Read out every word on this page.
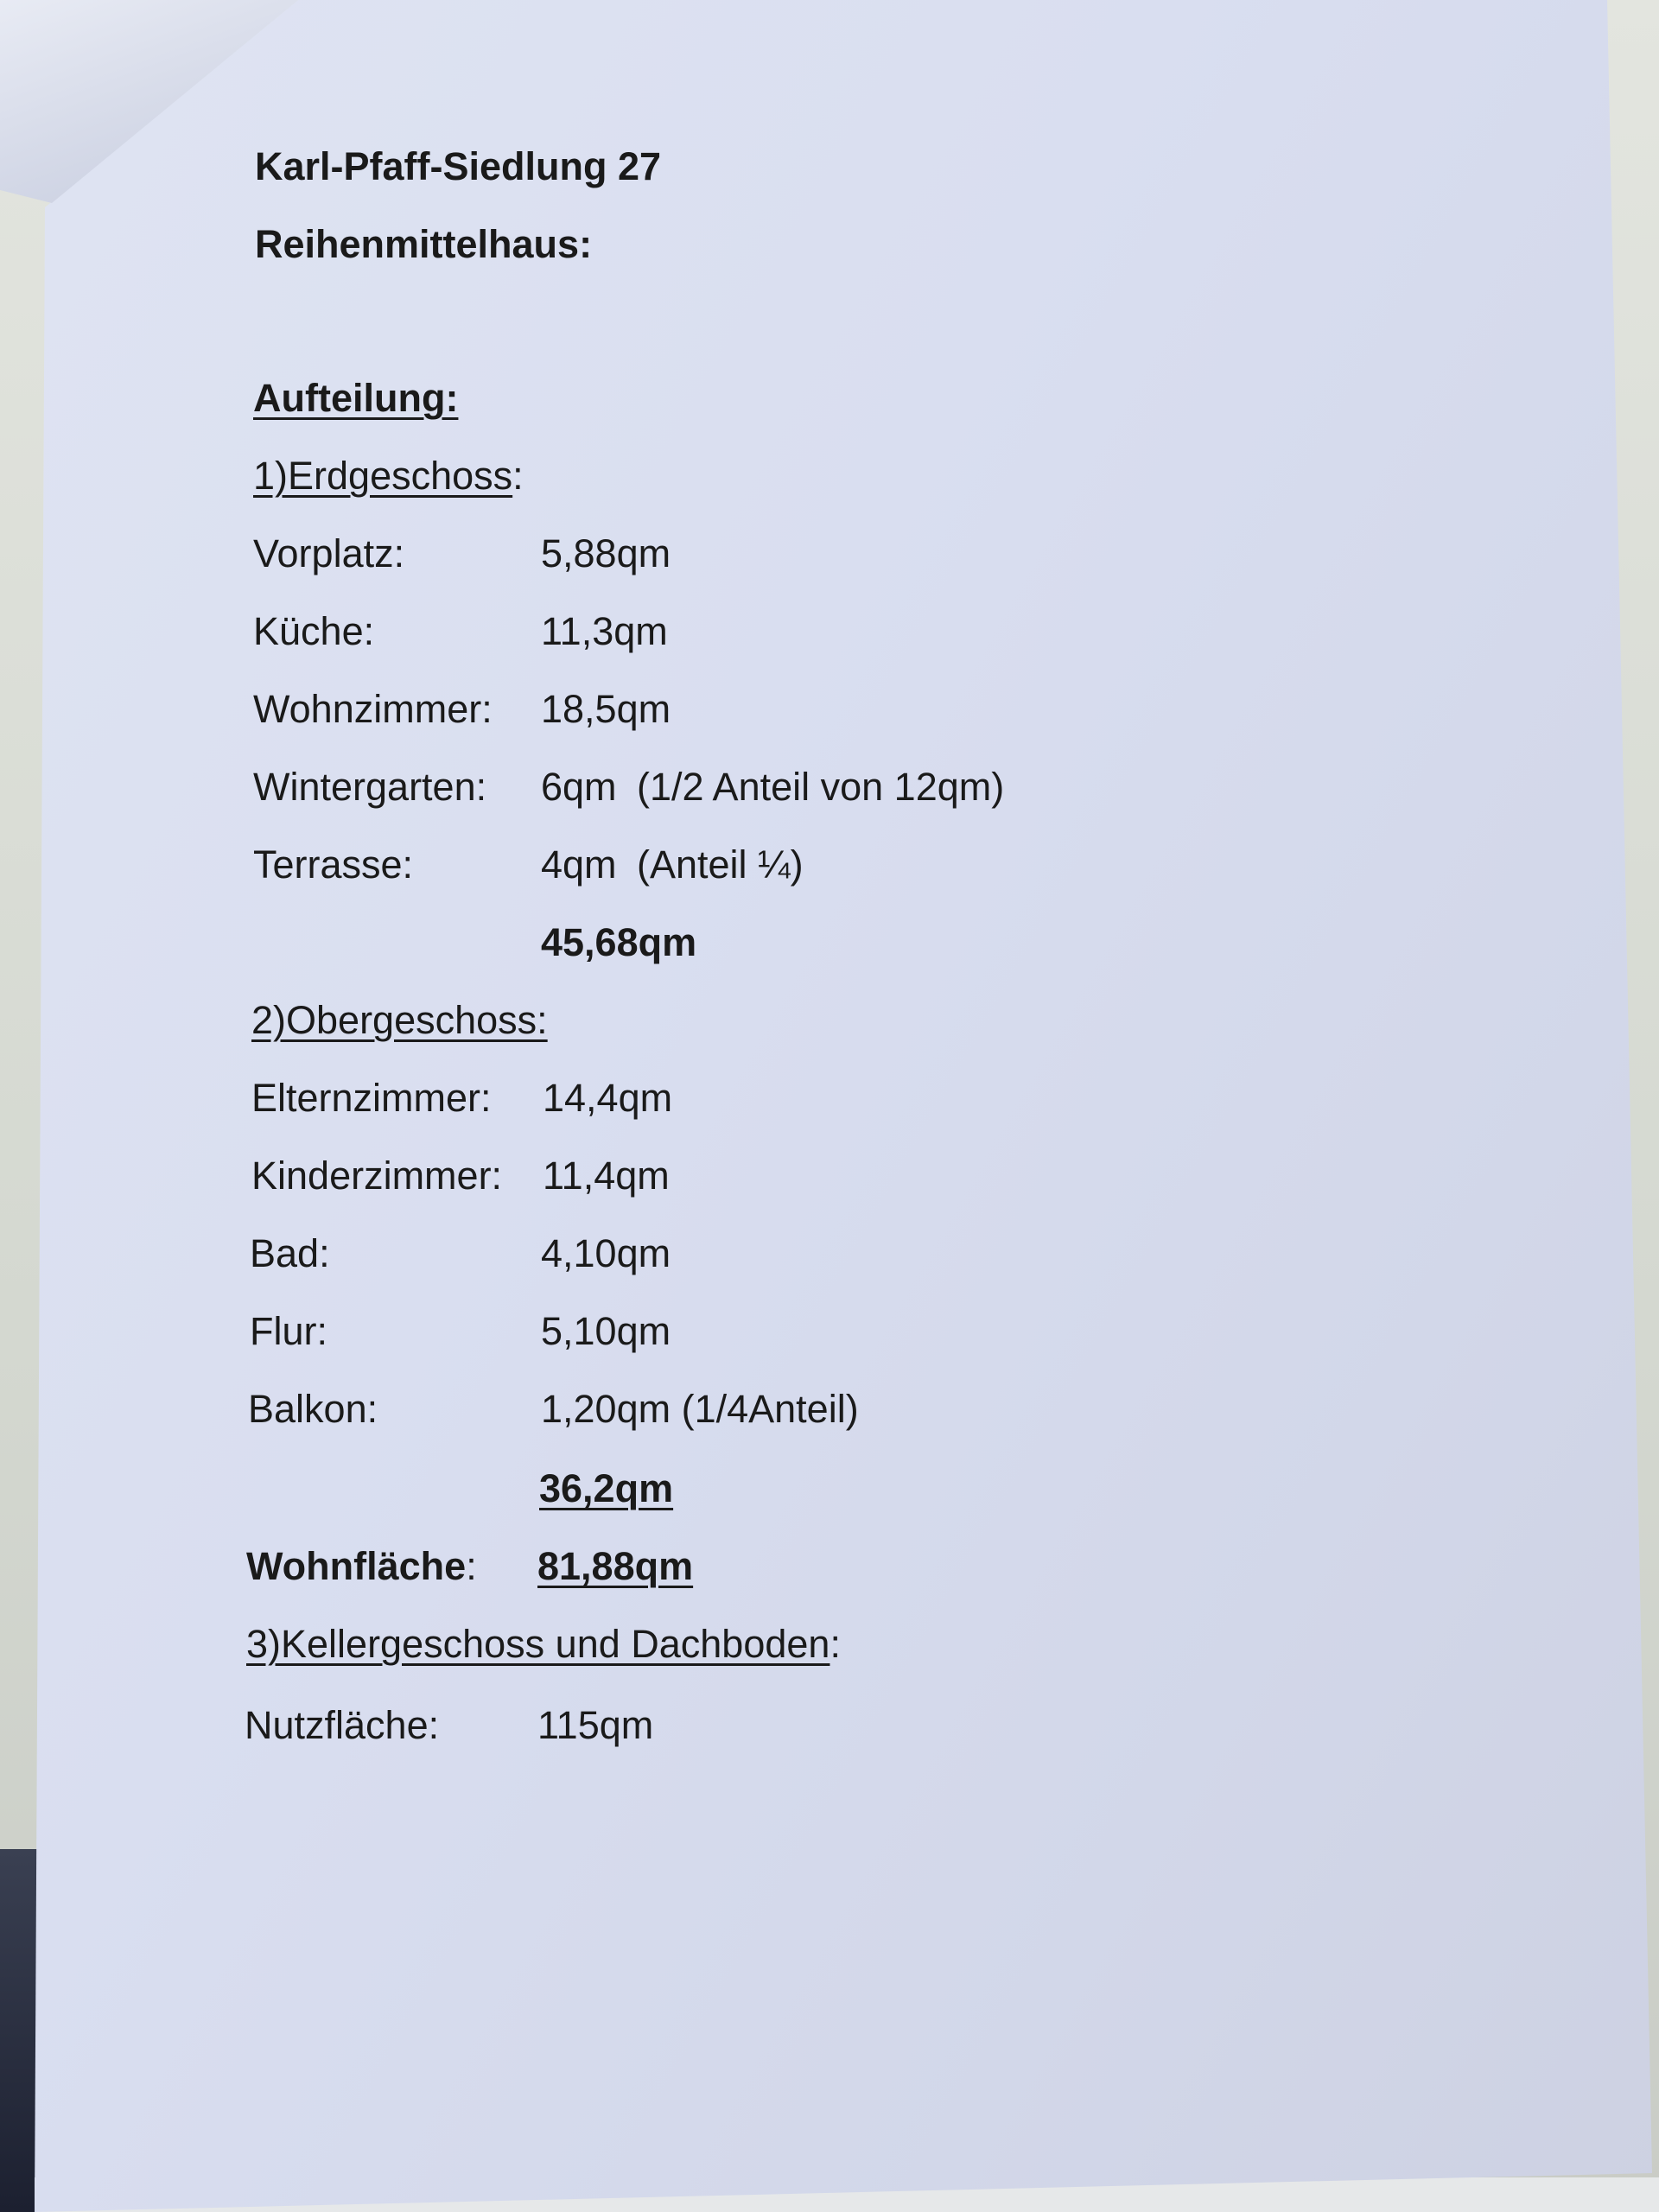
Karl-Pfaff-Siedlung 27
Reihenmittelhaus:
Aufteilung:
1)Erdgeschoss:
Vorplatz:	5,88qm
Küche:	11,3qm
Wohnzimmer: 18,5qm
Wintergarten: 6qm (1/2 Anteil von 12qm)
Terrasse:	4qm (Anteil ¼)
45,68qm
2)Obergeschoss:
Elternzimmer: 14,4qm
Kinderzimmer: 11,4qm
Bad:	4,10qm
Flur:	5,10qm
Balkon:	1,20qm (1/4Anteil)
36,2qm
Wohnfläche: 81,88qm
3)Kellergeschoss und Dachboden:
Nutzfläche:	115qm
